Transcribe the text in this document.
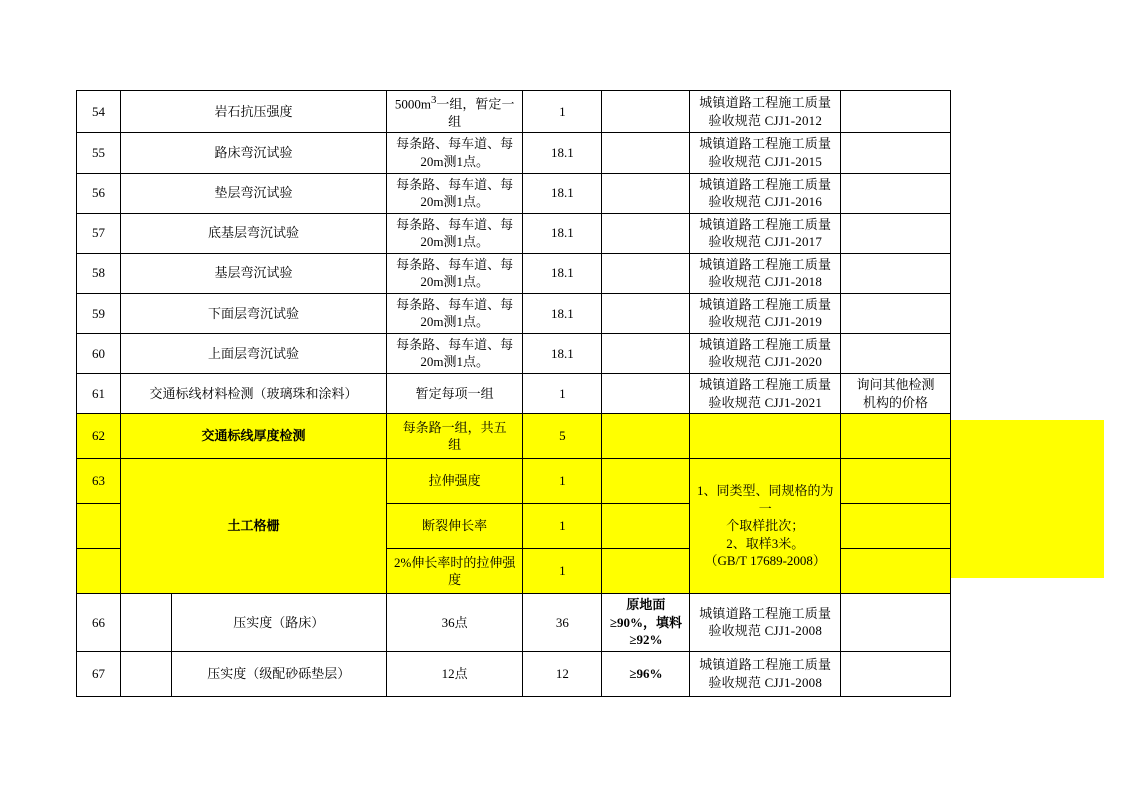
54	岩石抗压强度		$5000m^3$一组，暂定一组	1		城镇道路工程施工质量验收规范 CJJ1-2012	
55	路床弯沉试验		每条路、每车道、每20m测1点。	18.1		城镇道路工程施工质量验收规范 CJJ1-2015	
56	垫层弯沉试验		每条路、每车道、每20m测1点。	18.1		城镇道路工程施工质量验收规范 CJJ1-2016	
57	底基层弯沉试验		每条路、每车道、每20m测1点。	18.1		城镇道路工程施工质量验收规范 CJJ1-2017	
58	基层弯沉试验		每条路、每车道、每20m测1点。	18.1		城镇道路工程施工质量验收规范 CJJ1-2018	
59	下面层弯沉试验		每条路、每车道、每20m测1点。	18.1		城镇道路工程施工质量验收规范 CJJ1-2019	
60	上面层弯沉试验		每条路、每车道、每20m测1点。	18.1		城镇道路工程施工质量验收规范 CJJ1-2020	
61	交通标线材料检测（玻璃珠和涂料）		暂定每项一组	1		城镇道路工程施工质量验收规范 CJJ1-2021	询问其他检测
机构的价格

62	交通标线厚度检测		每条路一组，共五
组	5			
63	土工格栅		拉伸强度	1		1、同类型、同规格的为一
个取样批次；
2、取样3米。
（GB/T 17689-2008）	

			断裂伸长率	1			
			2%伸长率时的拉伸强度	1			
66		压实度（路床）	36点	36	原地面≥90%，填料≥92%	城镇道路工程施工质量验收规范 CJJ1-2008	
67		压实度（级配砂砾垫层）	12点	12	≥96%	城镇道路工程施工质量验收规范 CJJ1-2008	
